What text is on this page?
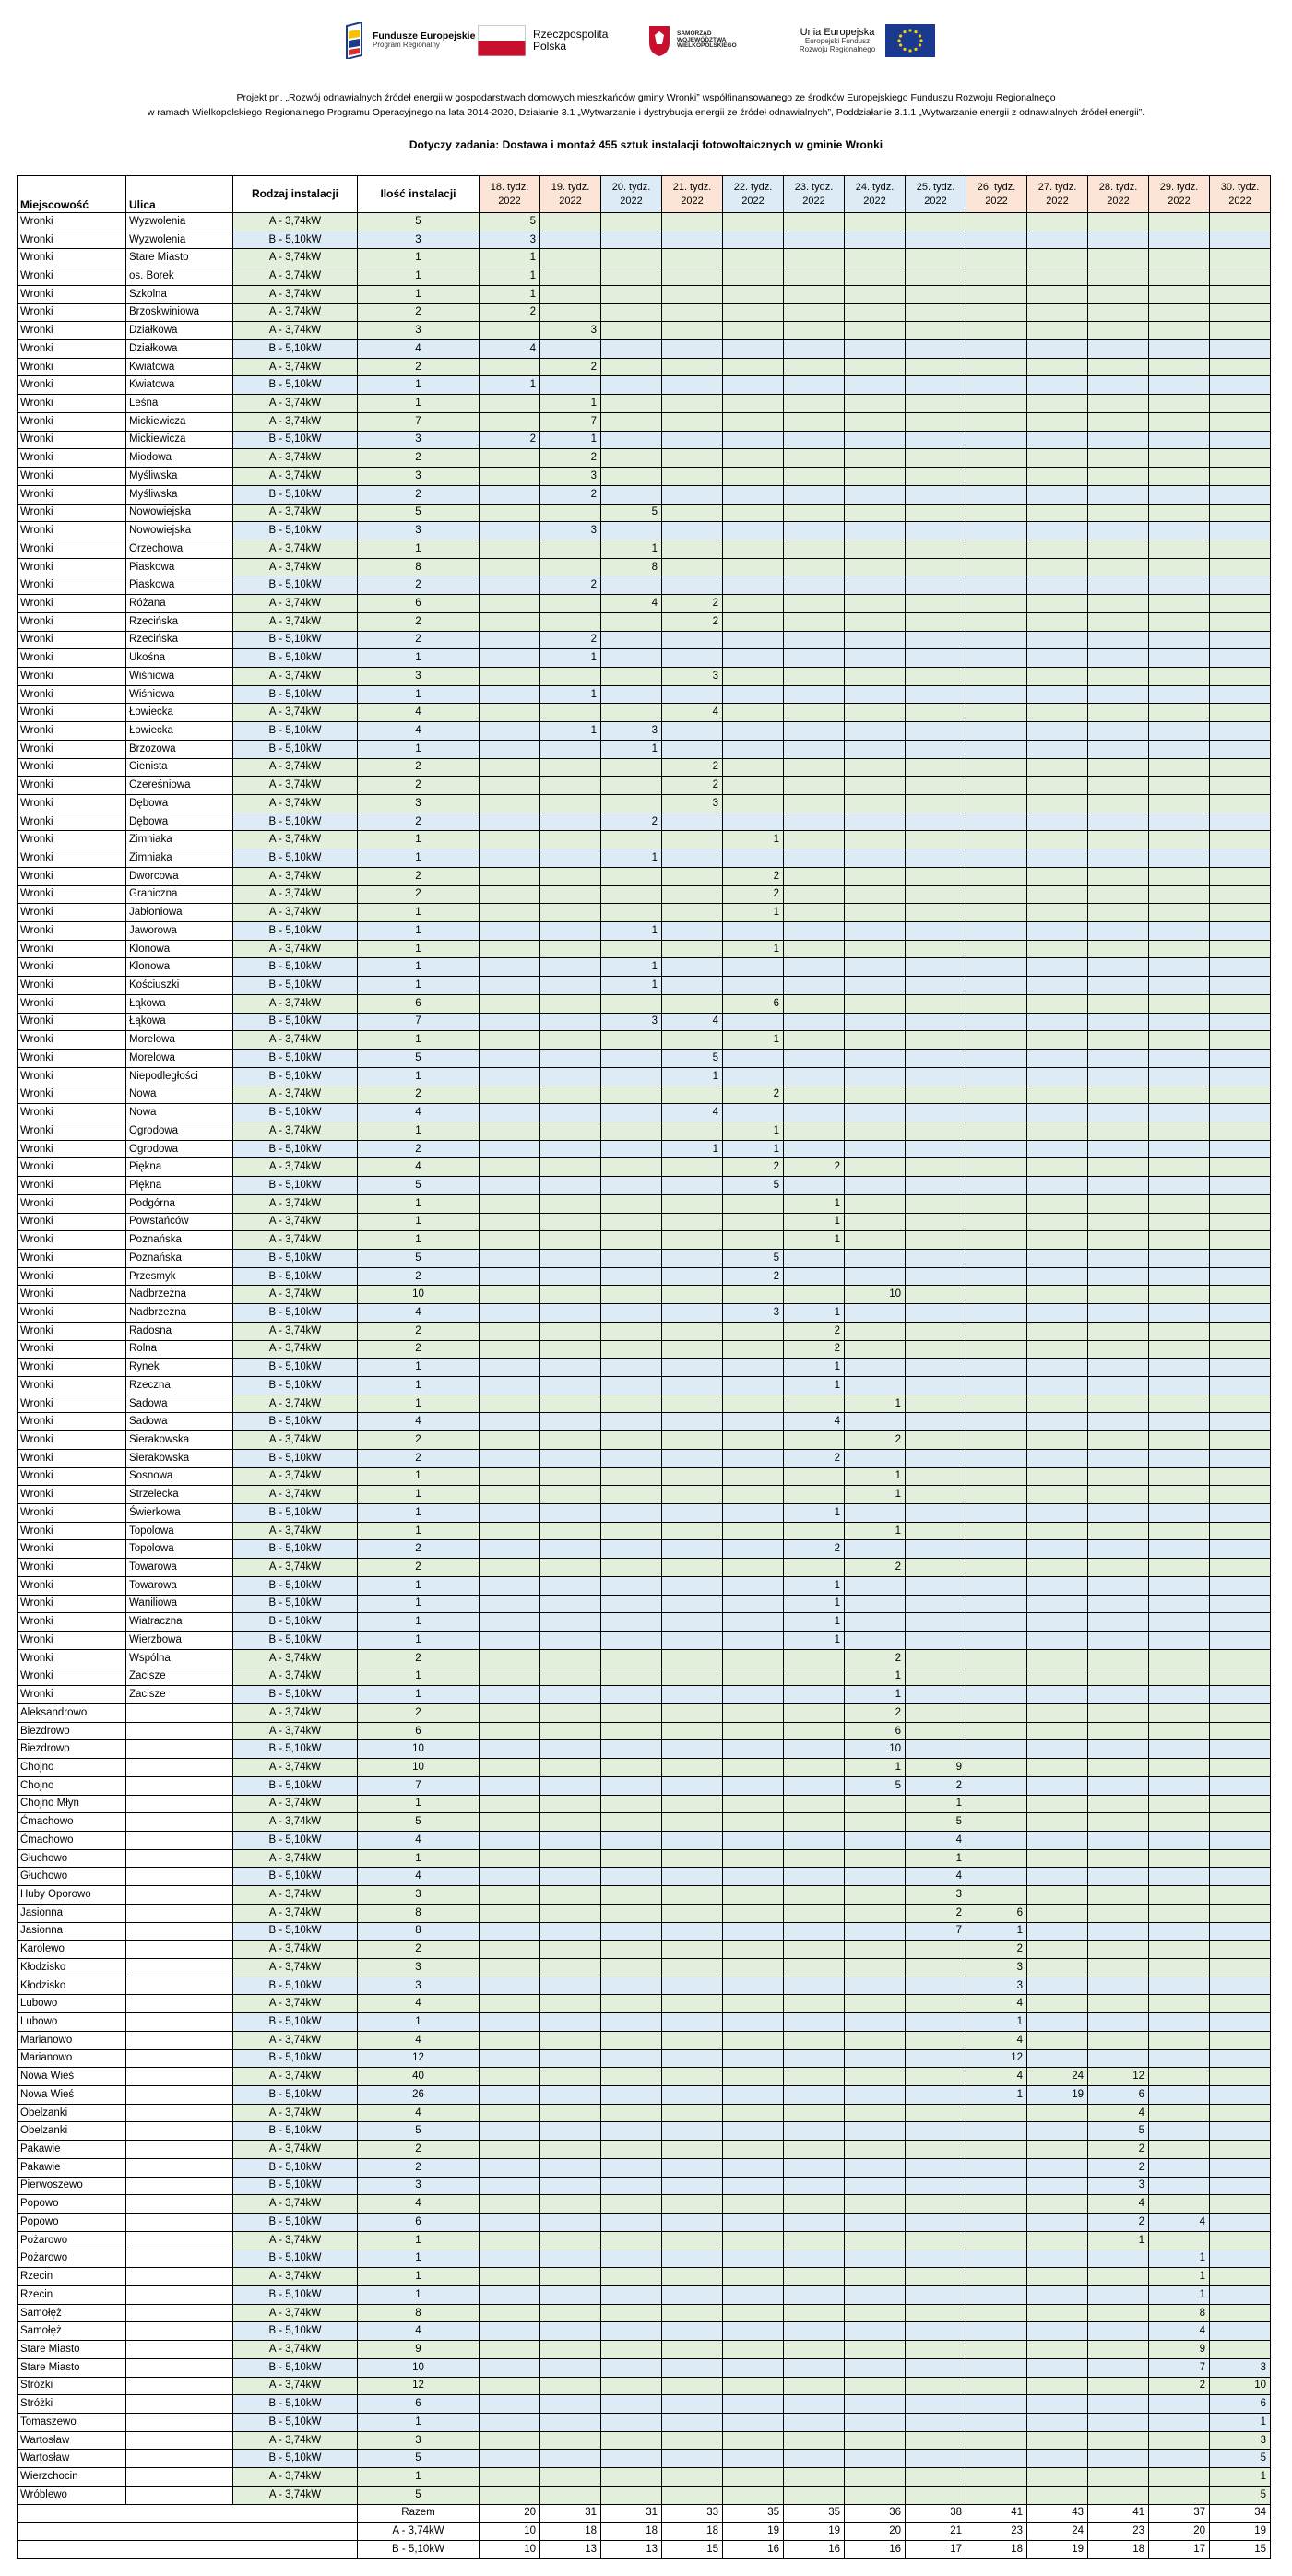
Fundusze Europejskie
Program Regionalny
Rzeczpospolita Polska
SAMORZĄD WOJEWÓDZTWA WIELKOPOLSKIEGO
Unia Europejska
Europejski Fundusz Rozwoju Regionalnego
Projekt pn. „Rozwój odnawialnych źródeł energii w gospodarstwach domowych mieszkańców gminy Wronki” współfinansowanego ze środków Europejskiego Funduszu Rozwoju Regionalnego
w ramach Wielkopolskiego Regionalnego Programu Operacyjnego na lata 2014-2020, Działanie 3.1 „Wytwarzanie i dystrybucja energii ze źródeł odnawialnych”, Poddziałanie 3.1.1 „Wytwarzanie energii z odnawialnych źródeł energii”.
Dotyczy zadania: Dostawa i montaż 455 sztuk instalacji fotowoltaicznych w gminie Wronki
Miejscowość	Ulica	Rodzaj instalacji	Ilość instalacji	18. tydz. 2022	19. tydz. 2022	20. tydz. 2022	21. tydz. 2022	22. tydz. 2022	23. tydz. 2022	24. tydz. 2022	25. tydz. 2022	26. tydz. 2022	27. tydz. 2022	28. tydz. 2022	29. tydz. 2022	30. tydz. 2022
Wronki	Wyzwolenia	A - 3,74kW	5	5												
Wronki	Wyzwolenia	B - 5,10kW	3	3												
Wronki	Stare Miasto	A - 3,74kW	1	1												
Wronki	os. Borek	A - 3,74kW	1	1												
Wronki	Szkolna	A - 3,74kW	1	1												
Wronki	Brzoskwiniowa	A - 3,74kW	2	2												
Wronki	Działkowa	A - 3,74kW	3		3											
Wronki	Działkowa	B - 5,10kW	4	4												
Wronki	Kwiatowa	A - 3,74kW	2		2											
Wronki	Kwiatowa	B - 5,10kW	1	1												
Wronki	Leśna	A - 3,74kW	1		1											
Wronki	Mickiewicza	A - 3,74kW	7		7											
Wronki	Mickiewicza	B - 5,10kW	3	2	1											
Wronki	Miodowa	A - 3,74kW	2		2											
Wronki	Myśliwska	A - 3,74kW	3		3											
Wronki	Myśliwska	B - 5,10kW	2		2											
Wronki	Nowowiejska	A - 3,74kW	5			5										
Wronki	Nowowiejska	B - 5,10kW	3		3											
Wronki	Orzechowa	A - 3,74kW	1			1										
Wronki	Piaskowa	A - 3,74kW	8			8										
Wronki	Piaskowa	B - 5,10kW	2		2											
Wronki	Różana	A - 3,74kW	6			4	2									
Wronki	Rzecińska	A - 3,74kW	2				2									
Wronki	Rzecińska	B - 5,10kW	2		2											
Wronki	Ukośna	B - 5,10kW	1		1											
Wronki	Wiśniowa	A - 3,74kW	3				3									
Wronki	Wiśniowa	B - 5,10kW	1		1											
Wronki	Łowiecka	A - 3,74kW	4				4									
Wronki	Łowiecka	B - 5,10kW	4		1	3										
Wronki	Brzozowa	B - 5,10kW	1			1										
Wronki	Cienista	A - 3,74kW	2				2									
Wronki	Czereśniowa	A - 3,74kW	2				2									
Wronki	Dębowa	A - 3,74kW	3				3									
Wronki	Dębowa	B - 5,10kW	2			2										
Wronki	Zimniaka	A - 3,74kW	1					1								
Wronki	Zimniaka	B - 5,10kW	1			1										
Wronki	Dworcowa	A - 3,74kW	2					2								
Wronki	Graniczna	A - 3,74kW	2					2								
Wronki	Jabłoniowa	A - 3,74kW	1					1								
Wronki	Jaworowa	B - 5,10kW	1			1										
Wronki	Klonowa	A - 3,74kW	1					1								
Wronki	Klonowa	B - 5,10kW	1			1										
Wronki	Kościuszki	B - 5,10kW	1			1										
Wronki	Łąkowa	A - 3,74kW	6					6								
Wronki	Łąkowa	B - 5,10kW	7			3	4									
Wronki	Morelowa	A - 3,74kW	1					1								
Wronki	Morelowa	B - 5,10kW	5				5									
Wronki	Niepodległości	B - 5,10kW	1				1									
Wronki	Nowa	A - 3,74kW	2					2								
Wronki	Nowa	B - 5,10kW	4				4									
Wronki	Ogrodowa	A - 3,74kW	1					1								
Wronki	Ogrodowa	B - 5,10kW	2				1	1								
Wronki	Piękna	A - 3,74kW	4					2	2							
Wronki	Piękna	B - 5,10kW	5					5								
Wronki	Podgórna	A - 3,74kW	1						1							
Wronki	Powstańców	A - 3,74kW	1						1							
Wronki	Poznańska	A - 3,74kW	1						1							
Wronki	Poznańska	B - 5,10kW	5					5								
Wronki	Przesmyk	B - 5,10kW	2					2								
Wronki	Nadbrzeżna	A - 3,74kW	10							10						
Wronki	Nadbrzeżna	B - 5,10kW	4					3	1							
Wronki	Radosna	A - 3,74kW	2						2							
Wronki	Rolna	A - 3,74kW	2						2							
Wronki	Rynek	B - 5,10kW	1						1							
Wronki	Rzeczna	B - 5,10kW	1						1							
Wronki	Sadowa	A - 3,74kW	1							1						
Wronki	Sadowa	B - 5,10kW	4						4							
Wronki	Sierakowska	A - 3,74kW	2							2						
Wronki	Sierakowska	B - 5,10kW	2						2							
Wronki	Sosnowa	A - 3,74kW	1							1						
Wronki	Strzelecka	A - 3,74kW	1							1						
Wronki	Świerkowa	B - 5,10kW	1						1							
Wronki	Topolowa	A - 3,74kW	1							1						
Wronki	Topolowa	B - 5,10kW	2						2							
Wronki	Towarowa	A - 3,74kW	2							2						
Wronki	Towarowa	B - 5,10kW	1						1							
Wronki	Waniliowa	B - 5,10kW	1						1							
Wronki	Wiatraczna	B - 5,10kW	1						1							
Wronki	Wierzbowa	B - 5,10kW	1						1							
Wronki	Wspólna	A - 3,74kW	2							2						
Wronki	Zacisze	A - 3,74kW	1							1						
Wronki	Zacisze	B - 5,10kW	1							1						
Aleksandrowo		A - 3,74kW	2							2						
Biezdrowo		A - 3,74kW	6							6						
Biezdrowo		B - 5,10kW	10							10						
Chojno		A - 3,74kW	10							1	9					
Chojno		B - 5,10kW	7							5	2					
Chojno Młyn		A - 3,74kW	1								1					
Ćmachowo		A - 3,74kW	5								5					
Ćmachowo		B - 5,10kW	4								4					
Głuchowo		A - 3,74kW	1								1					
Głuchowo		B - 5,10kW	4								4					
Huby Oporowo		A - 3,74kW	3								3					
Jasionna		A - 3,74kW	8								2	6				
Jasionna		B - 5,10kW	8								7	1				
Karolewo		A - 3,74kW	2									2				
Kłodzisko		A - 3,74kW	3									3				
Kłodzisko		B - 5,10kW	3									3				
Lubowo		A - 3,74kW	4									4				
Lubowo		B - 5,10kW	1									1				
Marianowo		A - 3,74kW	4									4				
Marianowo		B - 5,10kW	12									12				
Nowa Wieś		A - 3,74kW	40									4	24	12		
Nowa Wieś		B - 5,10kW	26									1	19	6		
Obelzanki		A - 3,74kW	4											4		
Obelzanki		B - 5,10kW	5											5		
Pakawie		A - 3,74kW	2											2		
Pakawie		B - 5,10kW	2											2		
Pierwoszewo		B - 5,10kW	3											3		
Popowo		A - 3,74kW	4											4		
Popowo		B - 5,10kW	6											2	4	
Pożarowo		A - 3,74kW	1											1		
Pożarowo		B - 5,10kW	1												1	
Rzecin		A - 3,74kW	1												1	
Rzecin		B - 5,10kW	1												1	
Samołęż		A - 3,74kW	8												8	
Samołęż		B - 5,10kW	4												4	
Stare Miasto		A - 3,74kW	9												9	
Stare Miasto		B - 5,10kW	10												7	3
Stróżki		A - 3,74kW	12												2	10
Stróżki		B - 5,10kW	6													6
Tomaszewo		B - 5,10kW	1													1
Wartosław		A - 3,74kW	3													3
Wartosław		B - 5,10kW	5													5
Wierzchocin		A - 3,74kW	1													1
Wróblewo		A - 3,74kW	5													5
			Razem	20	31	31	33	35	35	36	38	41	43	41	37	34
			A - 3,74kW	10	18	18	18	19	19	20	21	23	24	23	20	19
			B - 5,10kW	10	13	13	15	16	16	16	17	18	19	18	17	15
